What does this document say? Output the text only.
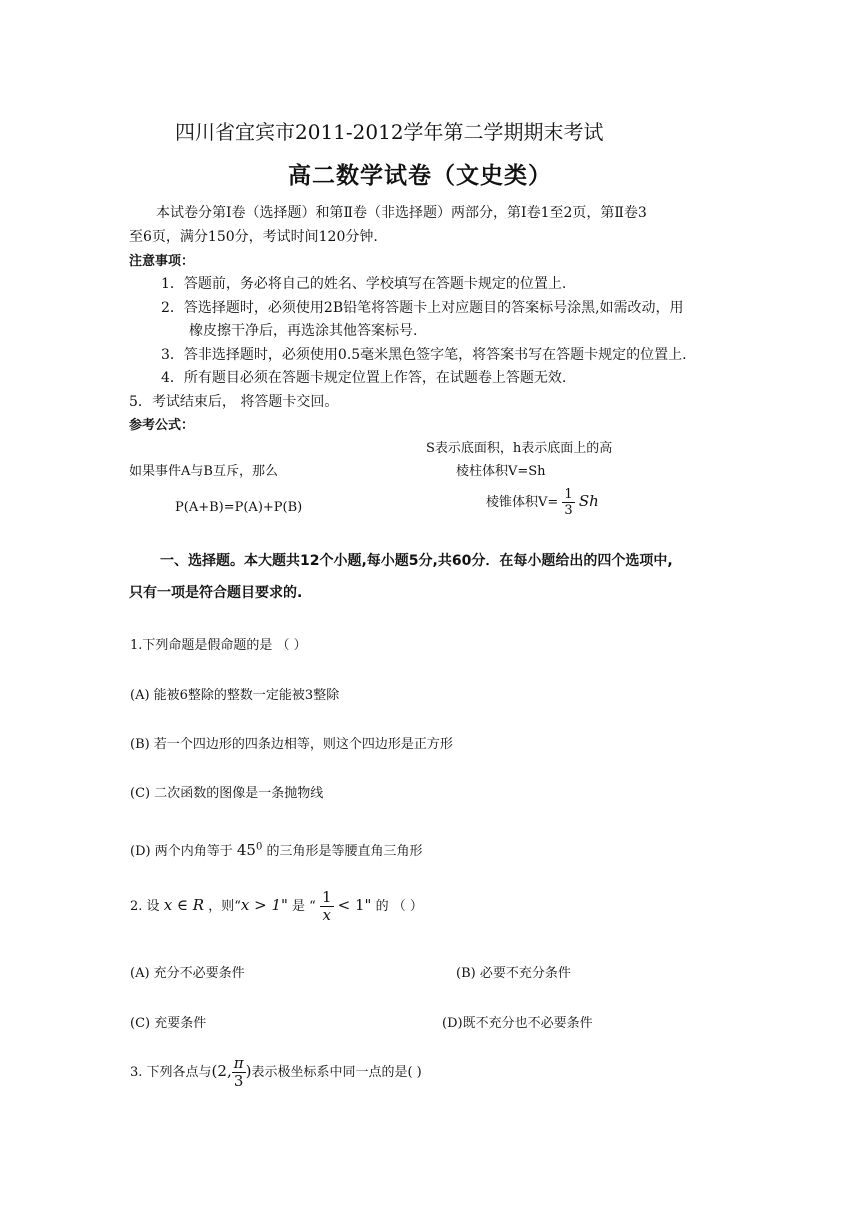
四川省宜宾市2011-2012学年第二学期期末考试
高二数学试卷（文史类）
本试卷分第Ⅰ卷（选择题）和第Ⅱ卷（非选择题）两部分，第Ⅰ卷1至2页，第Ⅱ卷3
至6页，满分150分，考试时间120分钟.
注意事项：
1．答题前，务必将自己的姓名、学校填写在答题卡规定的位置上.
2．答选择题时，必须使用2B铅笔将答题卡上对应题目的答案标号涂黑,如需改动，用
橡皮擦干净后，再选涂其他答案标号.
3．答非选择题时，必须使用0.5毫米黑色签字笔，将答案书写在答题卡规定的位置上.
4．所有题目必须在答题卡规定位置上作答，在试题卷上答题无效.
5．考试结束后， 将答题卡交回。
参考公式：
S表示底面积，h表示底面上的高
如果事件A与B互斥，那么	棱柱体积V=Sh
P(A+B)=P(A)+P(B)	棱锥体积$V= \frac{1}{3}$ Sh
一、选择题。本大题共12个小题,每小题5分,共60分．在每小题给出的四个选项中,
只有一项是符合题目要求的.
1.下列命题是假命题的是 （ ）
(A) 能被6整除的整数一定能被3整除
(B) 若一个四边形的四条边相等，则这个四边形是正方形
(C) 二次函数的图像是一条抛物线
(D) 两个内角等于 $45^0$ 的三角形是等腰直角三角形
2. 设 x ∈ R ，则“x > 1" 是 “ $\frac{1}{x} < 1$" 的 （ ）
(A) 充分不必要条件	(B) 必要不充分条件
(C) 充要条件	(D)既不充分也不必要条件
3. 下列各点与(2, $\frac{\pi}{3}$ )表示极坐标系中同一点的是( )
